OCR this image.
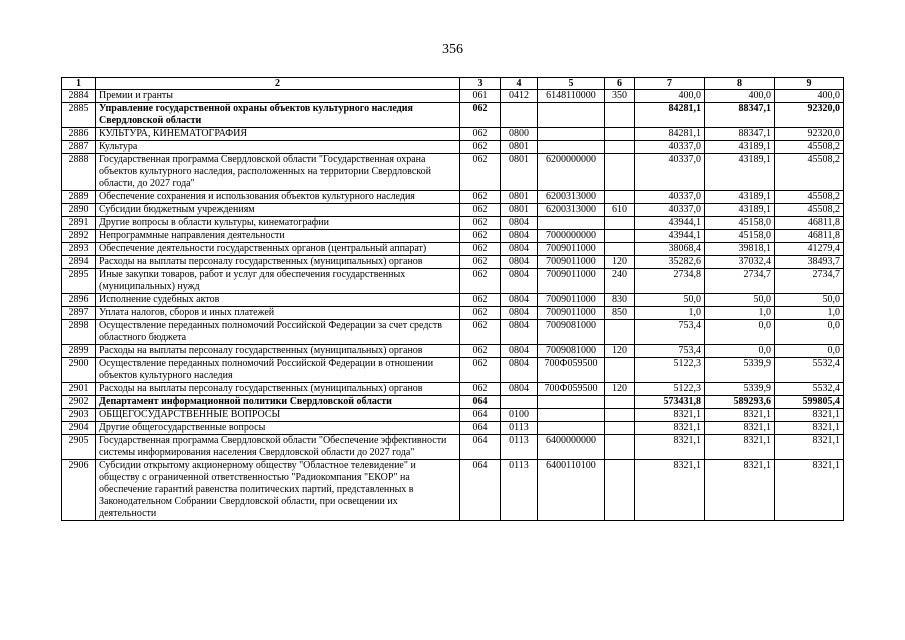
356
1	2	3	4	5	6	7	8	9
2884	Премии и гранты	061	0412	6148110000	350	400,0	400,0	400,0
2885	Управление государственной охраны объектов культурного наследия Свердловской области	062				84281,1	88347,1	92320,0
2886	КУЛЬТУРА, КИНЕМАТОГРАФИЯ	062	0800			84281,1	88347,1	92320,0
2887	Культура	062	0801			40337,0	43189,1	45508,2
2888	Государственная программа Свердловской области "Государственная охрана объектов культурного наследия, расположенных на территории Свердловской области, до 2027 года"	062	0801	6200000000		40337,0	43189,1	45508,2
2889	Обеспечение сохранения и использования объектов культурного наследия	062	0801	6200313000		40337,0	43189,1	45508,2
2890	Субсидии бюджетным учреждениям	062	0801	6200313000	610	40337,0	43189,1	45508,2
2891	Другие вопросы в области культуры, кинематографии	062	0804			43944,1	45158,0	46811,8
2892	Непрограммные направления деятельности	062	0804	7000000000		43944,1	45158,0	46811,8
2893	Обеспечение деятельности государственных органов (центральный аппарат)	062	0804	7009011000		38068,4	39818,1	41279,4
2894	Расходы на выплаты персоналу государственных (муниципальных) органов	062	0804	7009011000	120	35282,6	37032,4	38493,7
2895	Иные закупки товаров, работ и услуг для обеспечения государственных (муниципальных) нужд	062	0804	7009011000	240	2734,8	2734,7	2734,7
2896	Исполнение судебных актов	062	0804	7009011000	830	50,0	50,0	50,0
2897	Уплата налогов, сборов и иных платежей	062	0804	7009011000	850	1,0	1,0	1,0
2898	Осуществление переданных полномочий Российской Федерации за счет средств областного бюджета	062	0804	7009081000		753,4	0,0	0,0
2899	Расходы на выплаты персоналу государственных (муниципальных) органов	062	0804	7009081000	120	753,4	0,0	0,0
2900	Осуществление переданных полномочий Российской Федерации в отношении объектов культурного наследия	062	0804	700Ф059500		5122,3	5339,9	5532,4
2901	Расходы на выплаты персоналу государственных (муниципальных) органов	062	0804	700Ф059500	120	5122,3	5339,9	5532,4
2902	Департамент информационной политики Свердловской области	064				573431,8	589293,6	599805,4
2903	ОБЩЕГОСУДАРСТВЕННЫЕ ВОПРОСЫ	064	0100			8321,1	8321,1	8321,1
2904	Другие общегосударственные вопросы	064	0113			8321,1	8321,1	8321,1
2905	Государственная программа Свердловской области "Обеспечение эффективности системы информирования населения Свердловской области до 2027 года"	064	0113	6400000000		8321,1	8321,1	8321,1
2906	Субсидии открытому акционерному обществу "Областное телевидение" и обществу с ограниченной ответственностью "Радиокомпания "ЕКОР" на обеспечение гарантий равенства политических партий, представленных в Законодательном Собрании Свердловской области, при освещении их деятельности	064	0113	6400110100		8321,1	8321,1	8321,1
